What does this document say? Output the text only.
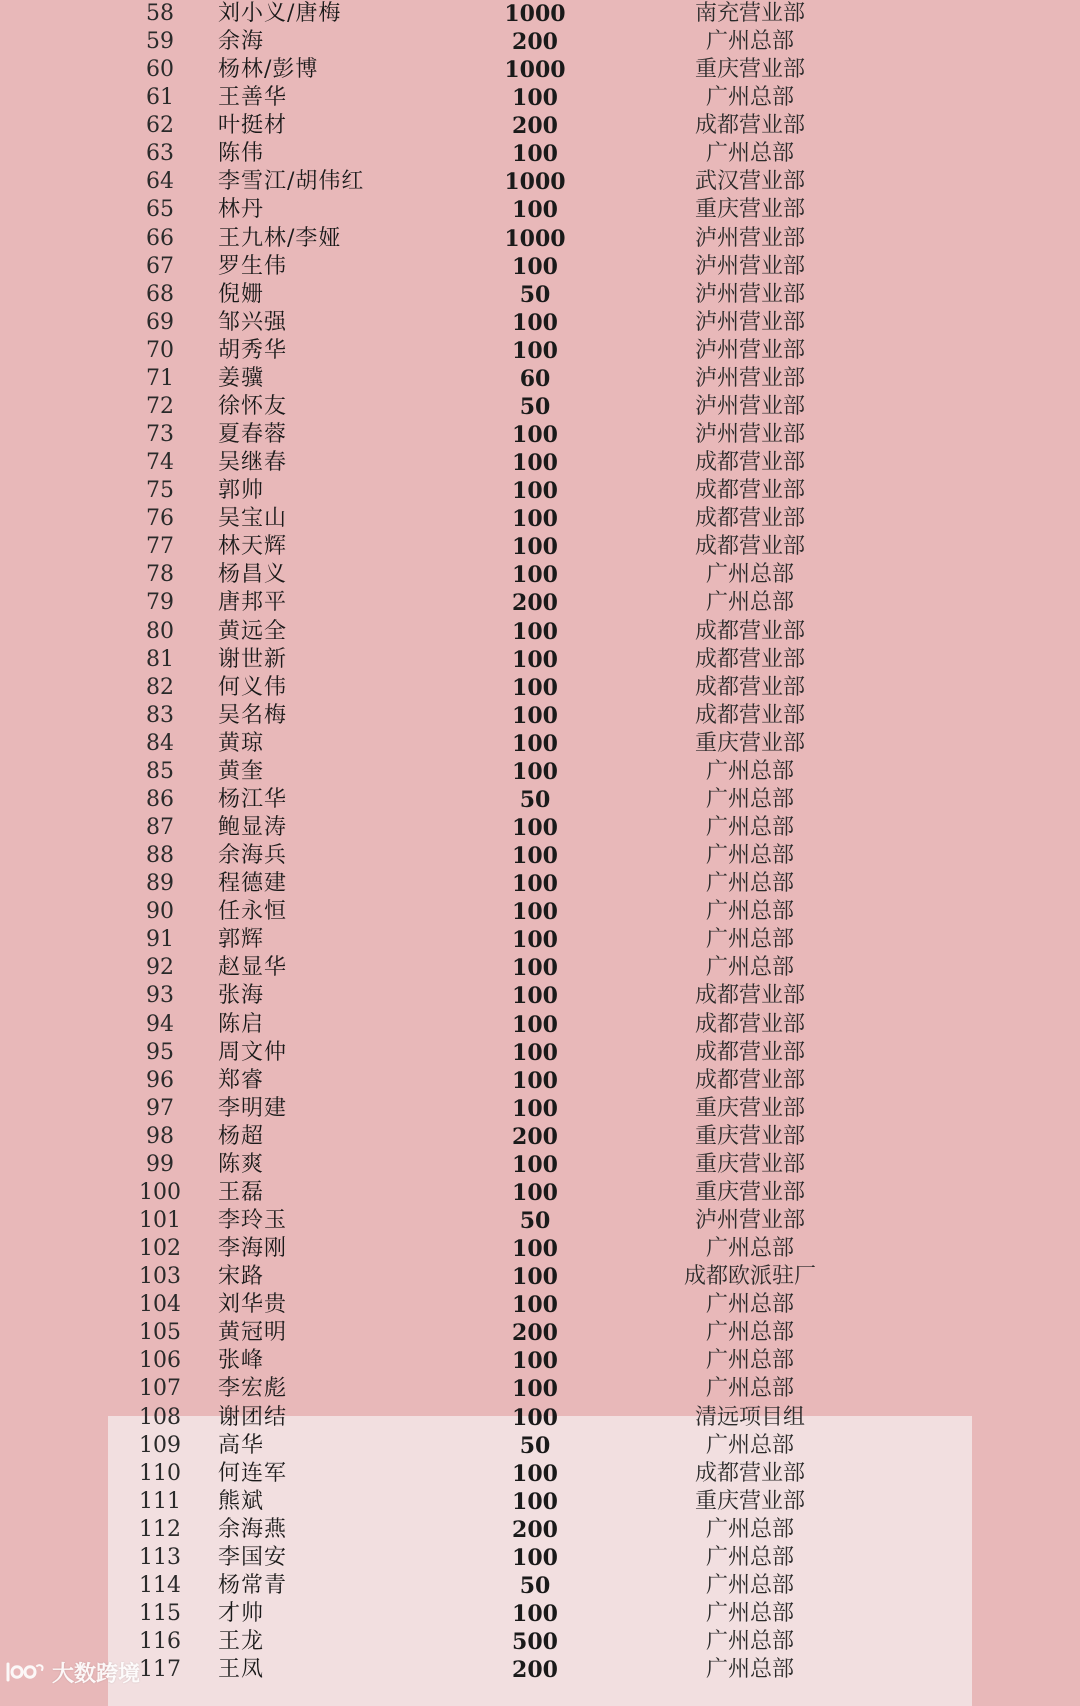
58	刘小义/唐梅	1000	南充营业部
59	余海	200	广州总部
60	杨林/彭博	1000	重庆营业部
61	王善华	100	广州总部
62	叶挺材	200	成都营业部
63	陈伟	100	广州总部
64	李雪江/胡伟红	1000	武汉营业部
65	林丹	100	重庆营业部
66	王九林/李娅	1000	泸州营业部
67	罗生伟	100	泸州营业部
68	倪姗	50	泸州营业部
69	邹兴强	100	泸州营业部
70	胡秀华	100	泸州营业部
71	姜骥	60	泸州营业部
72	徐怀友	50	泸州营业部
73	夏春蓉	100	泸州营业部
74	吴继春	100	成都营业部
75	郭帅	100	成都营业部
76	吴宝山	100	成都营业部
77	林天辉	100	成都营业部
78	杨昌义	100	广州总部
79	唐邦平	200	广州总部
80	黄远全	100	成都营业部
81	谢世新	100	成都营业部
82	何义伟	100	成都营业部
83	吴名梅	100	成都营业部
84	黄琼	100	重庆营业部
85	黄奎	100	广州总部
86	杨江华	50	广州总部
87	鲍显涛	100	广州总部
88	余海兵	100	广州总部
89	程德建	100	广州总部
90	任永恒	100	广州总部
91	郭辉	100	广州总部
92	赵显华	100	广州总部
93	张海	100	成都营业部
94	陈启	100	成都营业部
95	周文仲	100	成都营业部
96	郑睿	100	成都营业部
97	李明建	100	重庆营业部
98	杨超	200	重庆营业部
99	陈爽	100	重庆营业部
100	王磊	100	重庆营业部
101	李玲玉	50	泸州营业部
102	李海刚	100	广州总部
103	宋路	100	成都欧派驻厂
104	刘华贵	100	广州总部
105	黄冠明	200	广州总部
106	张峰	100	广州总部
107	李宏彪	100	广州总部
108	谢团结	100	清远项目组
109	高华	50	广州总部
110	何连军	100	成都营业部
111	熊斌	100	重庆营业部
112	余海燕	200	广州总部
113	李国安	100	广州总部
114	杨常青	50	广州总部
115	才帅	100	广州总部
116	王龙	500	广州总部
117	王凤	200	广州总部
大数跨境
